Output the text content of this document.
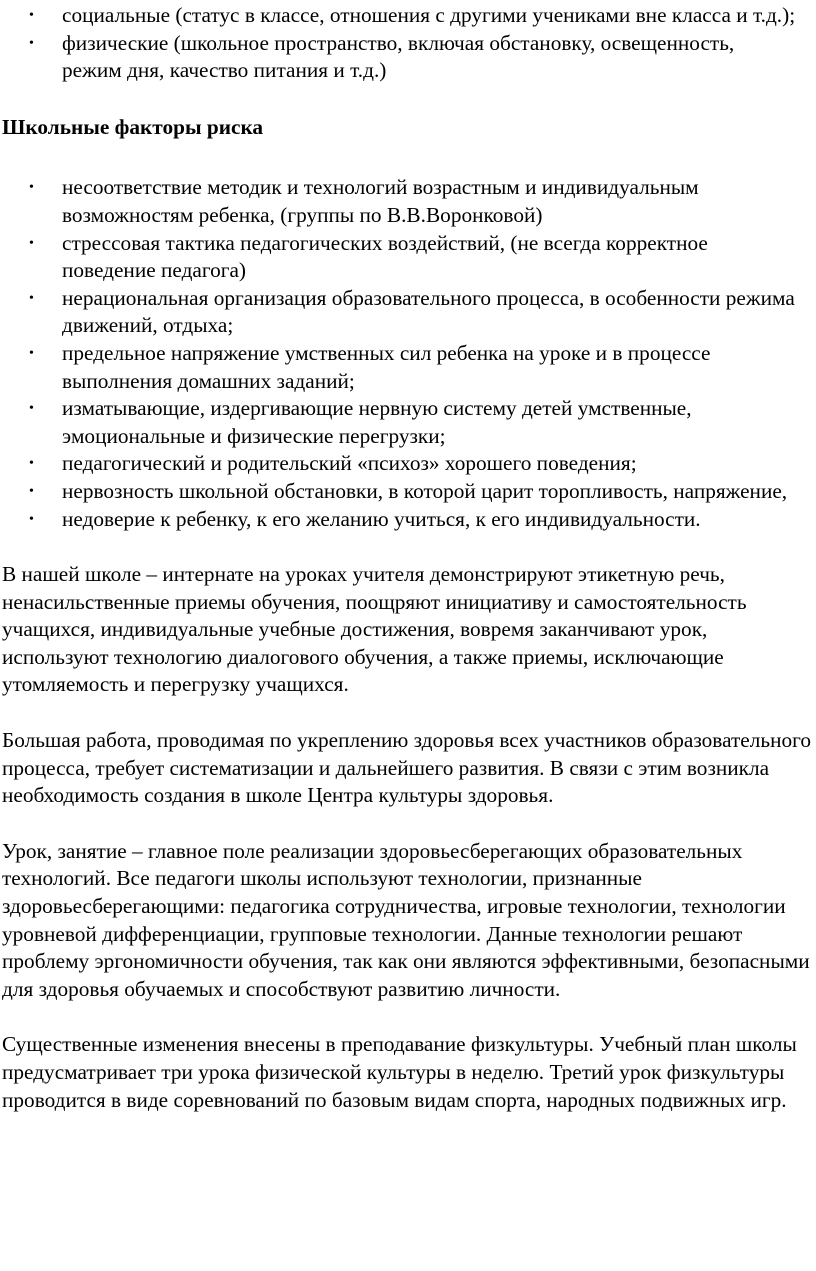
• социальные (статус в классе, отношения с другими учениками вне класса и т.д.);
• физические (школьное пространство, включая обстановку, освещенность, режим дня, качество питания и т.д.)
Школьные факторы риска
• несоответствие методик и технологий возрастным и индивидуальным возможностям ребенка, (группы по В.В.Воронковой)
• стрессовая тактика педагогических воздействий, (не всегда корректное поведение педагога)
• нерациональная организация образовательного процесса, в особенности режима движений, отдыха;
• предельное напряжение умственных сил ребенка на уроке и в процессе выполнения домашних заданий;
• изматывающие, издергивающие нервную систему детей умственные, эмоциональные и физические перегрузки;
• педагогический и родительский «психоз» хорошего поведения;
• нервозность школьной обстановки, в которой царит торопливость, напряжение,
• недоверие к ребенку, к его желанию учиться, к его индивидуальности.

В нашей школе – интернате на уроках учителя демонстрируют этикетную речь, ненасильственные приемы обучения, поощряют инициативу и самостоятельность учащихся, индивидуальные учебные достижения, вовремя заканчивают урок, используют технологию диалогового обучения, а также приемы, исключающие утомляемость и перегрузку учащихся.

Большая работа, проводимая по укреплению здоровья всех участников образовательного процесса, требует систематизации и дальнейшего развития. В связи с этим возникла необходимость создания в школе Центра культуры здоровья.

Урок, занятие – главное поле реализации здоровьесберегающих образовательных технологий. Все педагоги школы используют технологии, признанные здоровьесберегающими: педагогика сотрудничества, игровые технологии, технологии уровневой дифференциации, групповые технологии. Данные технологии решают проблему эргономичности обучения, так как они являются эффективными, безопасными для здоровья обучаемых и способствуют развитию личности.

Существенные изменения внесены в преподавание физкультуры. Учебный план школы предусматривает три урока физической культуры в неделю. Третий урок физкультуры проводится в виде соревнований по базовым видам спорта, народных подвижных игр.
